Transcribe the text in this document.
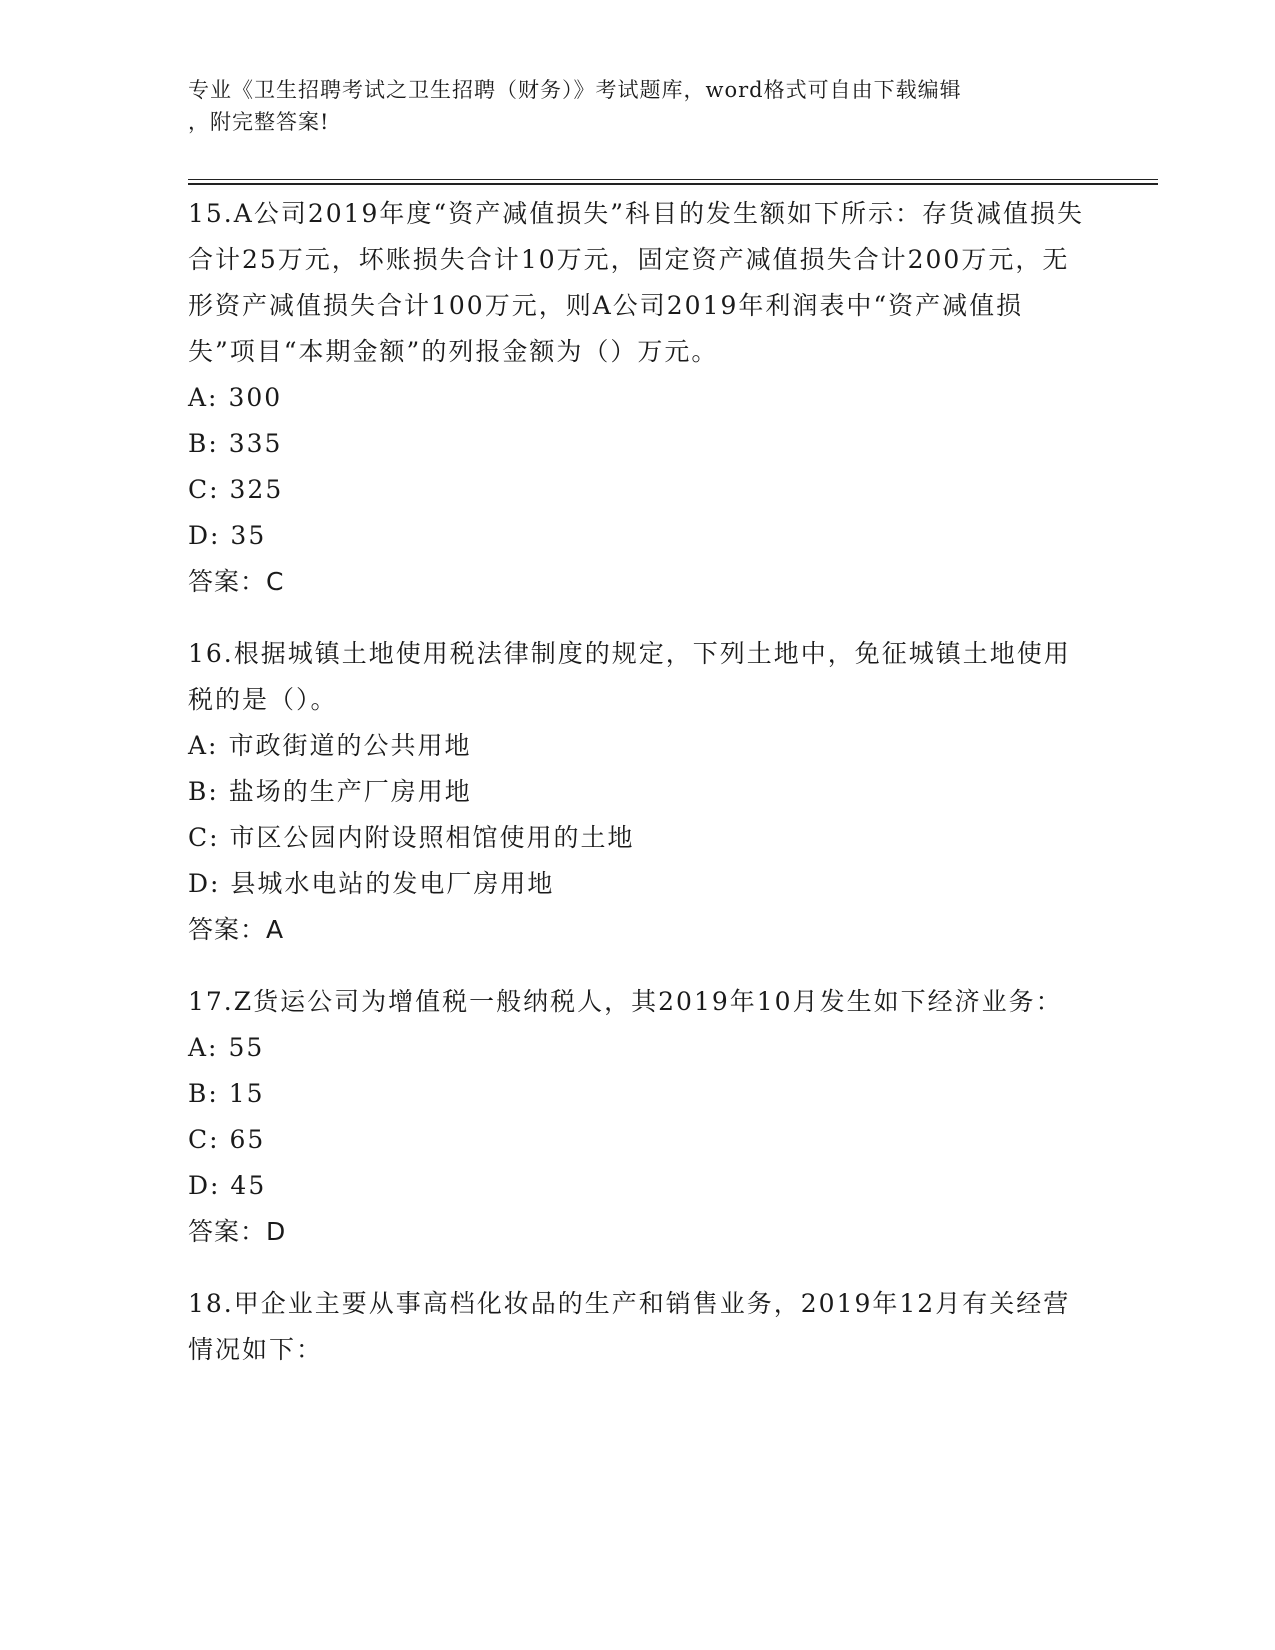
专业《卫生招聘考试之卫生招聘（财务）》考试题库，word格式可自由下载编辑
，附完整答案!

15.A公司2019年度“资产减值损失”科目的发生额如下所示：存货减值损失合计25万元，坏账损失合计10万元，固定资产减值损失合计200万元，无形资产减值损失合计100万元，则A公司2019年利润表中“资产减值损失”项目“本期金额”的列报金额为（）万元。

A: 300

B: 335

C: 325

D: 35

答案：C

16.根据城镇土地使用税法律制度的规定，下列土地中，免征城镇土地使用税的是（）。

A: 市政街道的公共用地

B: 盐场的生产厂房用地

C: 市区公园内附设照相馆使用的土地

D: 县城水电站的发电厂房用地

答案：A

17.Z货运公司为增值税一般纳税人，其2019年10月发生如下经济业务：

A: 55

B: 15

C: 65

D: 45

答案：D

18.甲企业主要从事高档化妆品的生产和销售业务，2019年12月有关经营情况如下：
